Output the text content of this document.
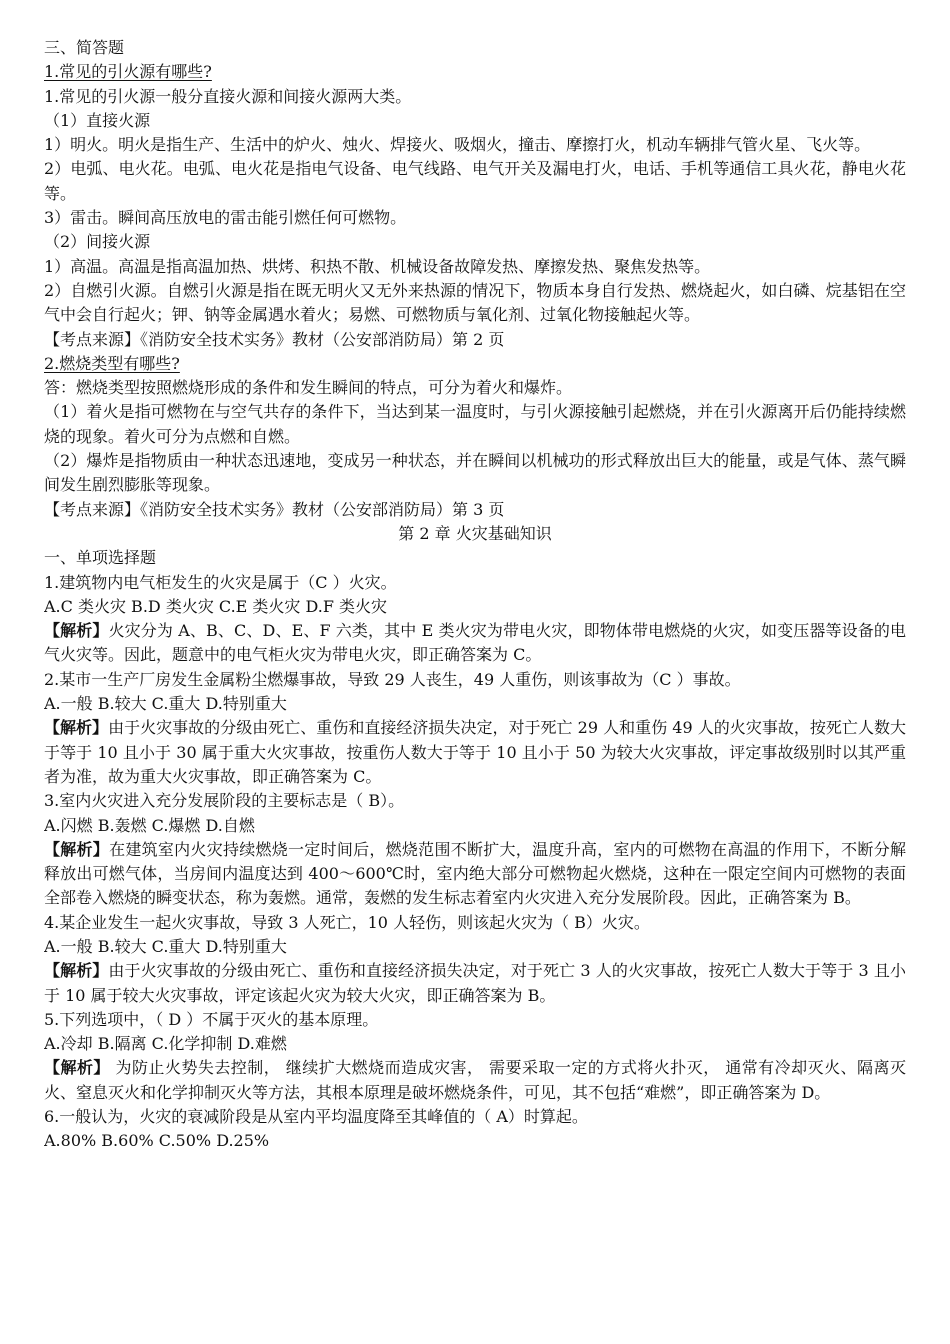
三、简答题
1.常见的引火源有哪些?
1.常见的引火源一般分直接火源和间接火源两大类。
（1）直接火源
1）明火。明火是指生产、生活中的炉火、烛火、焊接火、吸烟火，撞击、摩擦打火，机动车辆排气管火星、飞火等。
2）电弧、电火花。电弧、电火花是指电气设备、电气线路、电气开关及漏电打火，电话、手机等通信工具火花，静电火花等。
3）雷击。瞬间高压放电的雷击能引燃任何可燃物。
（2）间接火源
1）高温。高温是指高温加热、烘烤、积热不散、机械设备故障发热、摩擦发热、聚焦发热等。
2）自燃引火源。自燃引火源是指在既无明火又无外来热源的情况下，物质本身自行发热、燃烧起火，如白磷、烷基铝在空气中会自行起火；钾、钠等金属遇水着火；易燃、可燃物质与氧化剂、过氧化物接触起火等。
【考点来源】《消防安全技术实务》教材（公安部消防局）第 2 页
2.燃烧类型有哪些?
答：燃烧类型按照燃烧形成的条件和发生瞬间的特点，可分为着火和爆炸。
（1）着火是指可燃物在与空气共存的条件下，当达到某一温度时，与引火源接触引起燃烧，并在引火源离开后仍能持续燃烧的现象。着火可分为点燃和自燃。
（2）爆炸是指物质由一种状态迅速地，变成另一种状态，并在瞬间以机械功的形式释放出巨大的能量，或是气体、蒸气瞬间发生剧烈膨胀等现象。
【考点来源】《消防安全技术实务》教材（公安部消防局）第 3 页
第 2 章 火灾基础知识
一、单项选择题
1.建筑物内电气柜发生的火灾是属于（C ）火灾。
A.C 类火灾 B.D 类火灾 C.E 类火灾 D.F 类火灾
【解析】火灾分为 A、B、C、D、E、F 六类，其中 E 类火灾为带电火灾，即物体带电燃烧的火灾，如变压器等设备的电气火灾等。因此，题意中的电气柜火灾为带电火灾，即正确答案为 C。
2.某市一生产厂房发生金属粉尘燃爆事故，导致 29 人丧生，49 人重伤，则该事故为（C ）事故。
A.一般 B.较大 C.重大 D.特别重大
【解析】由于火灾事故的分级由死亡、重伤和直接经济损失决定，对于死亡 29 人和重伤 49 人的火灾事故，按死亡人数大于等于 10 且小于 30 属于重大火灾事故，按重伤人数大于等于 10 且小于 50 为较大火灾事故，评定事故级别时以其严重者为准，故为重大火灾事故，即正确答案为 C。
3.室内火灾进入充分发展阶段的主要标志是（ B）。
A.闪燃 B.轰燃 C.爆燃 D.自燃
【解析】在建筑室内火灾持续燃烧一定时间后，燃烧范围不断扩大，温度升高，室内的可燃物在高温的作用下，不断分解释放出可燃气体，当房间内温度达到 400～600℃时，室内绝大部分可燃物起火燃烧，这种在一限定空间内可燃物的表面全部卷入燃烧的瞬变状态，称为轰燃。通常，轰燃的发生标志着室内火灾进入充分发展阶段。因此，正确答案为 B。
4.某企业发生一起火灾事故，导致 3 人死亡，10 人轻伤，则该起火灾为（ B）火灾。
A.一般 B.较大 C.重大 D.特别重大
【解析】由于火灾事故的分级由死亡、重伤和直接经济损失决定，对于死亡 3 人的火灾事故，按死亡人数大于等于 3 且小于 10 属于较大火灾事故，评定该起火灾为较大火灾，即正确答案为 B。
5.下列选项中，（ D ）不属于灭火的基本原理。
A.冷却 B.隔离 C.化学抑制 D.难燃
【解析】 为防止火势失去控制， 继续扩大燃烧而造成灾害， 需要采取一定的方式将火扑灭， 通常有冷却灭火、隔离灭火、窒息灭火和化学抑制灭火等方法，其根本原理是破坏燃烧条件，可见，其不包括“难燃”，即正确答案为 D。
6.一般认为，火灾的衰减阶段是从室内平均温度降至其峰值的（ A）时算起。
A.80% B.60% C.50% D.25%
